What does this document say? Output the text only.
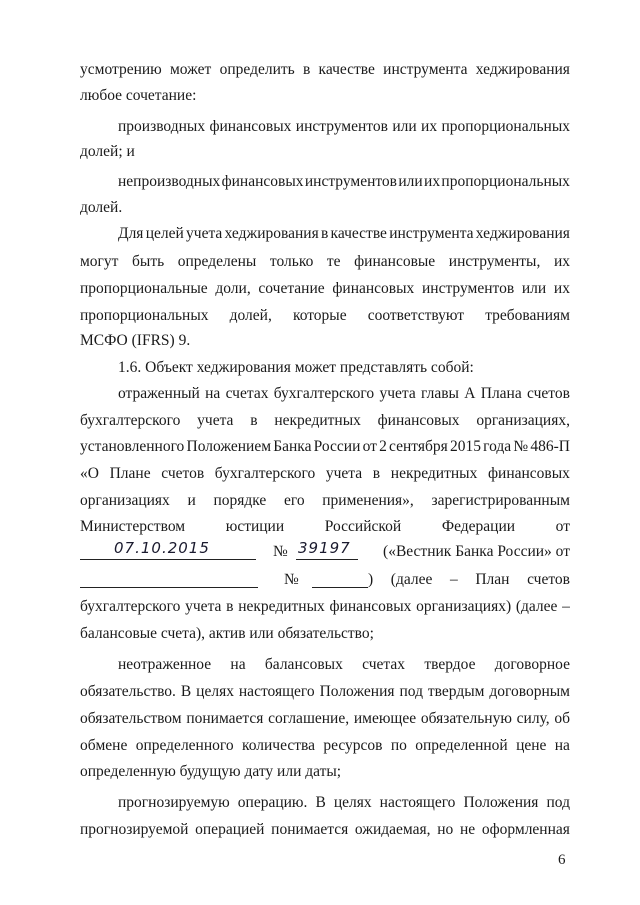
усмотрению может определить в качестве инструмента хеджирования
любое сочетание:
производных финансовых инструментов или их пропорциональных
долей; и
непроизводных финансовых инструментов или их пропорциональных
долей.
Для целей учета хеджирования в качестве инструмента хеджирования
могут быть определены только те финансовые инструменты, их
пропорциональные доли, сочетание финансовых инструментов или их
пропорциональных долей, которые соответствуют требованиям
МСФО (IFRS) 9.
1.6. Объект хеджирования может представлять собой:
отраженный на счетах бухгалтерского учета главы А Плана счетов
бухгалтерского учета в некредитных финансовых организациях,
установленного Положением Банка России от 2 сентября 2015 года № 486-П
«О Плане счетов бухгалтерского учета в некредитных финансовых
организациях и порядке его применения», зарегистрированным
Министерством	юстиции	Российской	Федерации	от
07.10.2015	№ 39197	(«Вестник Банка России» от
№	) (далее – План счетов
бухгалтерского учета в некредитных финансовых организациях) (далее –
балансовые счета), актив или обязательство;
неотраженное на балансовых счетах твердое договорное
обязательство. В целях настоящего Положения под твердым договорным
обязательством понимается соглашение, имеющее обязательную силу, об
обмене определенного количества ресурсов по определенной цене на
определенную будущую дату или даты;
прогнозируемую операцию. В целях настоящего Положения под
прогнозируемой операцией понимается ожидаемая, но не оформленная
6
